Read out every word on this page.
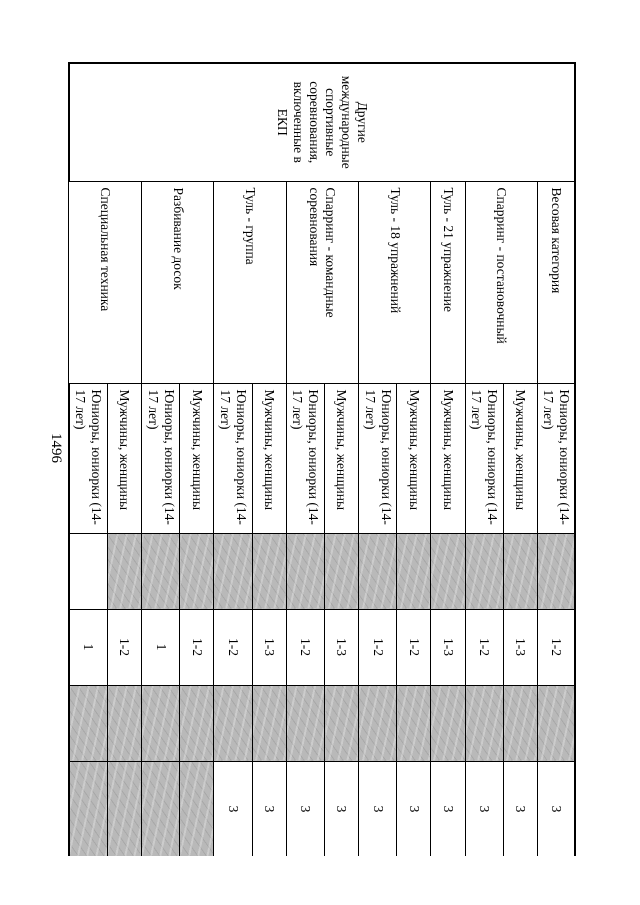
1496
Другие международные спортивные соревнования, включенные в ЕКП	Весовая категория	Юниоры, юниорки (14-17 лет)		1-2		3
	Спарринг - постановочный	Мужчины, женщины		1-3		3
		Юниоры, юниорки (14-17 лет)		1-2		3
	Туль - 21 упражнение	Мужчины, женщины		1-3		3
	Туль - 18 упражнений	Мужчины, женщины		1-2		3
		Юниоры, юниорки (14-17 лет)		1-2		3
	Спарринг - командные соревнования	Мужчины, женщины		1-3		3
		Юниоры, юниорки (14-17 лет)		1-2		3
	Туль - группа	Мужчины, женщины		1-3		3
		Юниоры, юниорки (14-17 лет)		1-2		3
	Разбивание досок	Мужчины, женщины		1-2		
		Юниоры, юниорки (14-17 лет)		1		
	Специальная техника	Мужчины, женщины		1-2		
		Юниоры, юниорки (14-17 лет)		1		
